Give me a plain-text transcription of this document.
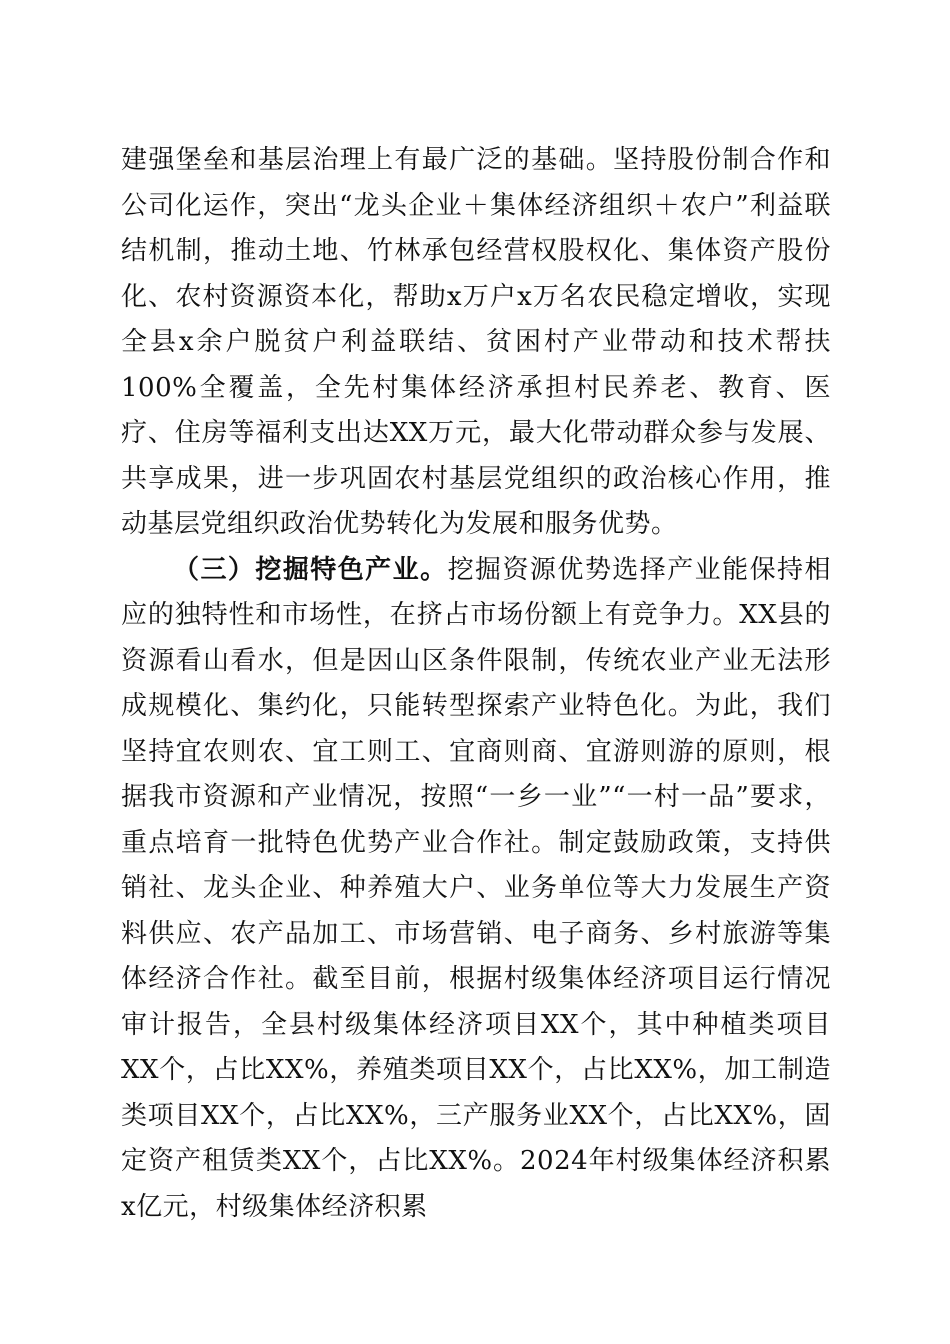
建强堡垒和基层治理上有最广泛的基础。坚持股份制合作和公司化运作，突出“龙头企业＋集体经济组织＋农户”利益联结机制，推动土地、竹林承包经营权股权化、集体资产股份化、农村资源资本化，帮助x万户x万名农民稳定增收，实现全县x余户脱贫户利益联结、贫困村产业带动和技术帮扶100%全覆盖，全先村集体经济承担村民养老、教育、医疗、住房等福利支出达XX万元，最大化带动群众参与发展、共享成果，进一步巩固农村基层党组织的政治核心作用，推动基层党组织政治优势转化为发展和服务优势。

（三）挖掘特色产业。挖掘资源优势选择产业能保持相应的独特性和市场性，在挤占市场份额上有竞争力。XX县的资源看山看水，但是因山区条件限制，传统农业产业无法形成规模化、集约化，只能转型探索产业特色化。为此，我们坚持宜农则农、宜工则工、宜商则商、宜游则游的原则，根据我市资源和产业情况，按照“一乡一业”“一村一品”要求，重点培育一批特色优势产业合作社。制定鼓励政策，支持供销社、龙头企业、种养殖大户、业务单位等大力发展生产资料供应、农产品加工、市场营销、电子商务、乡村旅游等集体经济合作社。截至目前，根据村级集体经济项目运行情况审计报告，全县村级集体经济项目XX个，其中种植类项目XX个，占比XX%，养殖类项目XX个，占比XX%，加工制造类项目XX个，占比XX%，三产服务业XX个，占比XX%，固定资产租赁类XX个，占比XX%。2024年村级集体经济积累x亿元，村级集体经济积累
